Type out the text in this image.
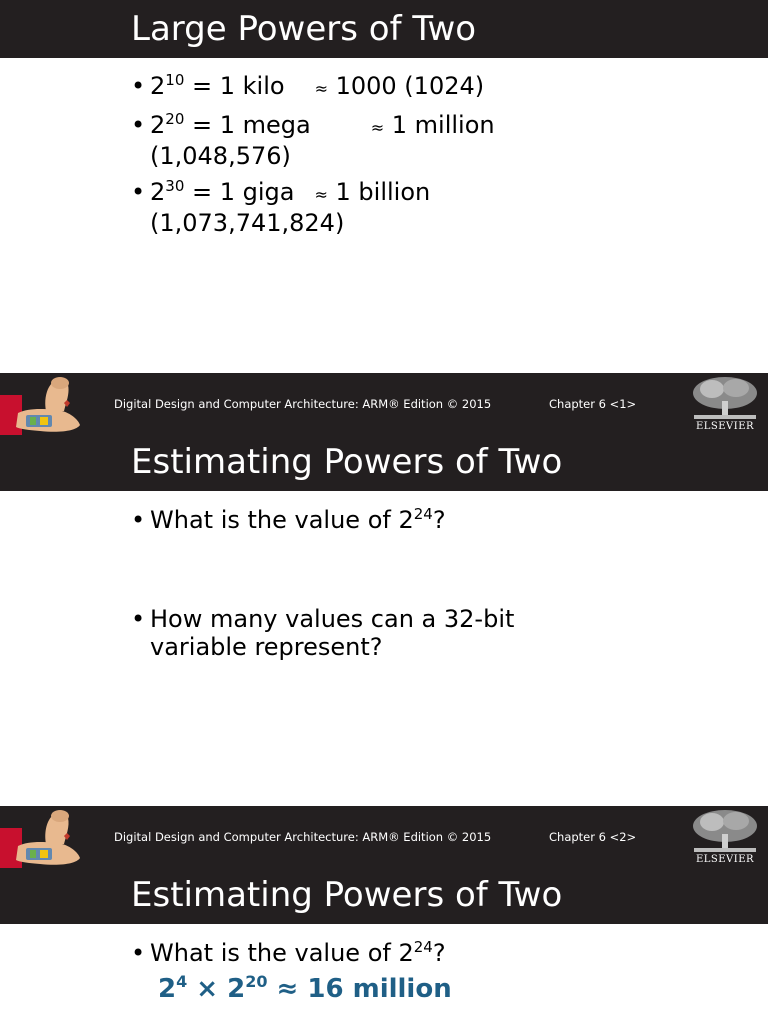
Large Powers of Two
• $2^{10} = 1$ kilo ≈ 1000 (1024)
• $2^{20} = 1$ mega	≈ 1 million
(1,048,576)
• $2^{30} = 1$ giga ≈ 1 billion
(1,073,741,824)
Digital Design and Computer Architecture: ARM® Edition © 2015	Chapter 6 <1>
ELSEVIER
Estimating Powers of Two
• What is the value of $2^{24}$?
• How many values can a 32-bit variable represent?
Digital Design and Computer Architecture: ARM® Edition © 2015	Chapter 6 <2>
ELSEVIER
Estimating Powers of Two
• What is the value of $2^{24}$?
$2^4 \times 2^{20} \approx 16$ million
